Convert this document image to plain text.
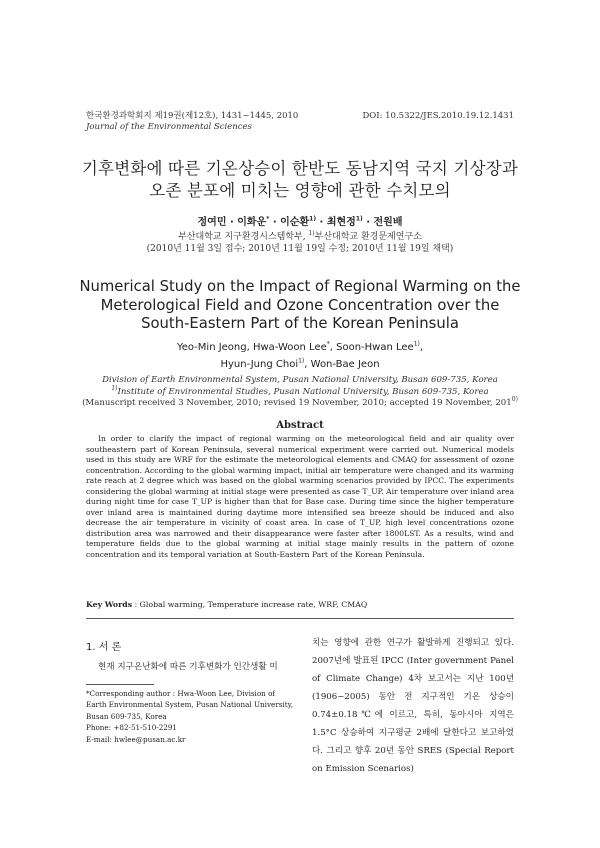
한국환경과학회지 제19권(제12호), 1431~1445, 2010
Journal of the Environmental Sciences
DOI: 10.5322/JES.2010.19.12.1431
기후변화에 따른 기온상승이 한반도 동남지역 국지 기상장과
오존 분포에 미치는 영향에 관한 수치모의
정여민 · 이화운* · 이순환$^{1)}$ · 최현정$^{1)}$ · 전원배
부산대학교 지구환경시스템학부, $^{1)}$부산대학교 환경문제연구소
(2010년 11월 3일 접수; 2010년 11월 19일 수정; 2010년 11월 19일 채택)
Numerical Study on the Impact of Regional Warming on the
Meterological Field and Ozone Concentration over the
South-Eastern Part of the Korean Peninsula
Yeo-Min Jeong, Hwa-Woon Lee*, Soon-Hwan Lee$^{1)}$,
Hyun-Jung Choi$^{1)}$, Won-Bae Jeon
Division of Earth Environmental System, Pusan National University, Busan 609-735, Korea
$^{1)}$Institute of Environmental Studies, Pusan National University, Busan 609-735, Korea
(Manuscript received 3 November, 2010; revised 19 November, 2010; accepted 19 November, 201$^{0)}$
Abstract
In order to clarify the impact of regional warming on the meteorological field and air quality over southeastern part of Korean Peninsula, several numerical experiment were carried out. Numerical models used in this study are WRF for the estimate the meteorological elements and CMAQ for assessment of ozone concentration. According to the global warming impact, initial air temperature were changed and its warming rate reach at 2 degree which was based on the global warming scenarios provided by IPCC. The experiments considering the global warming at initial stage were presented as case T_UP. Air temperature over inland area during night time for case T_UP is higher than that for Base case. During time since the higher temperature over inland area is maintained during daytime more intensified sea breeze should be induced and also decrease the air temperature in vicinity of coast area. In case of T_UP, high level concentrations ozone distribution area was narrowed and their disappearance were faster after 1800LST. As a results, wind and temperature fields due to the global warming at initial stage mainly results in the pattern of ozone concentration and its temporal variation at South-Eastern Part of the Korean Peninsula.
Key Words : Global warming, Temperature increase rate, WRF, CMAQ
1. 서 론
현재 지구온난화에 따른 기후변화가 인간생활 미
*Corresponding author : Hwa-Woon Lee, Division of Earth Environmental System, Pusan National University, Busan 609-735, Korea
Phone: +82-51-510-2291
E-mail: hwlee@pusan.ac.kr
치는 영향에 관한 연구가 활발하게 진행되고 있다. 2007년에 발표된 IPCC (Inter government Panel of Climate Change) 4차 보고서는 지난 100년(1906~2005) 동안 전 지구적인 기온 상승이 0.74±0.18℃에 이르고, 특히, 동아시아 지역은 1.5°C 상승하여 지구평균 2배에 달한다고 보고하였다. 그리고 향후 20년 동안 SRES (Special Report on Emission Scenarios)
